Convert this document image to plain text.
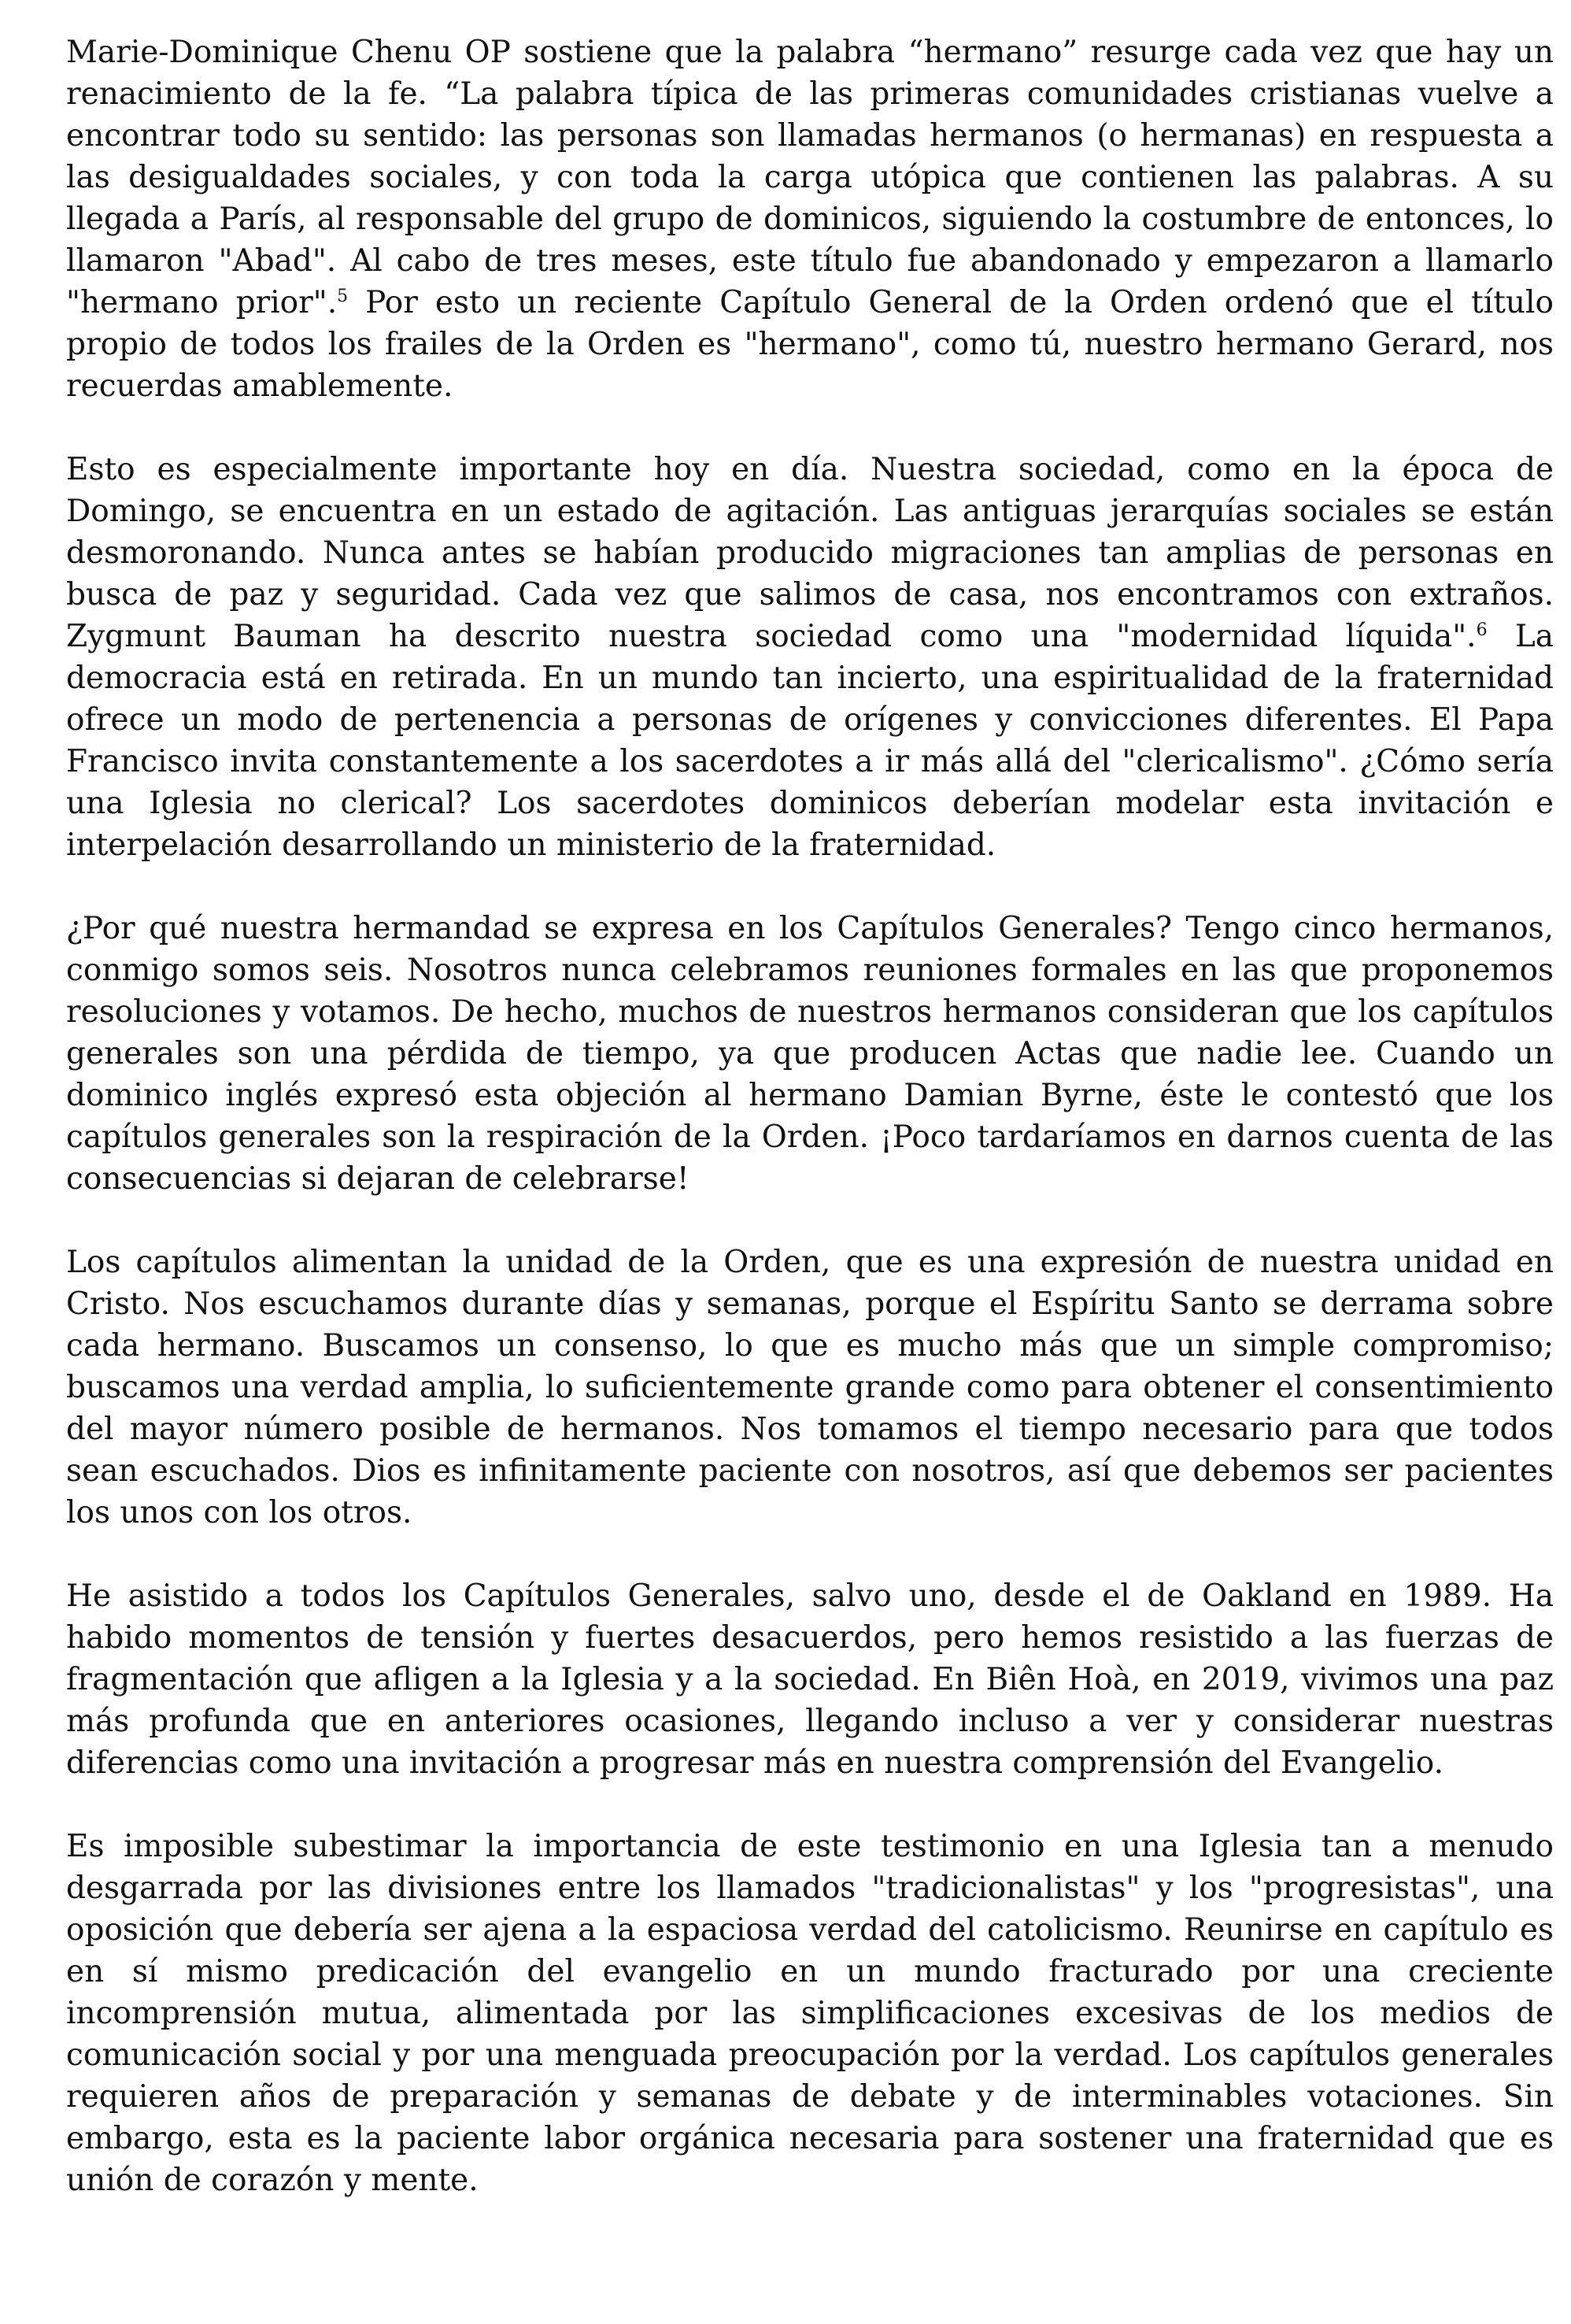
Marie-Dominique Chenu OP sostiene que la palabra “hermano” resurge cada vez que hay un renacimiento de la fe. “La palabra típica de las primeras comunidades cristianas vuelve a encontrar todo su sentido: las personas son llamadas hermanos (o hermanas) en respuesta a las desigualdades sociales, y con toda la carga utópica que contienen las palabras. A su llegada a París, al responsable del grupo de dominicos, siguiendo la costumbre de entonces, lo llamaron "Abad". Al cabo de tres meses, este título fue abandonado y empezaron a llamarlo "hermano prior".$^5$ Por esto un reciente Capítulo General de la Orden ordenó que el título propio de todos los frailes de la Orden es "hermano", como tú, nuestro hermano Gerard, nos recuerdas amablemente.

Esto es especialmente importante hoy en día. Nuestra sociedad, como en la época de Domingo, se encuentra en un estado de agitación. Las antiguas jerarquías sociales se están desmoronando. Nunca antes se habían producido migraciones tan amplias de personas en busca de paz y seguridad. Cada vez que salimos de casa, nos encontramos con extraños. Zygmunt Bauman ha descrito nuestra sociedad como una "modernidad líquida".$^6$ La democracia está en retirada. En un mundo tan incierto, una espiritualidad de la fraternidad ofrece un modo de pertenencia a personas de orígenes y convicciones diferentes. El Papa Francisco invita constantemente a los sacerdotes a ir más allá del "clericalismo". ¿Cómo sería una Iglesia no clerical? Los sacerdotes dominicos deberían modelar esta invitación e interpelación desarrollando un ministerio de la fraternidad.

¿Por qué nuestra hermandad se expresa en los Capítulos Generales? Tengo cinco hermanos, conmigo somos seis. Nosotros nunca celebramos reuniones formales en las que proponemos resoluciones y votamos. De hecho, muchos de nuestros hermanos consideran que los capítulos generales son una pérdida de tiempo, ya que producen Actas que nadie lee. Cuando un dominico inglés expresó esta objeción al hermano Damian Byrne, éste le contestó que los capítulos generales son la respiración de la Orden. ¡Poco tardaríamos en darnos cuenta de las consecuencias si dejaran de celebrarse!

Los capítulos alimentan la unidad de la Orden, que es una expresión de nuestra unidad en Cristo. Nos escuchamos durante días y semanas, porque el Espíritu Santo se derrama sobre cada hermano. Buscamos un consenso, lo que es mucho más que un simple compromiso; buscamos una verdad amplia, lo suficientemente grande como para obtener el consentimiento del mayor número posible de hermanos. Nos tomamos el tiempo necesario para que todos sean escuchados. Dios es infinitamente paciente con nosotros, así que debemos ser pacientes los unos con los otros.

He asistido a todos los Capítulos Generales, salvo uno, desde el de Oakland en 1989. Ha habido momentos de tensión y fuertes desacuerdos, pero hemos resistido a las fuerzas de fragmentación que afligen a la Iglesia y a la sociedad. En Biên Hoà, en 2019, vivimos una paz más profunda que en anteriores ocasiones, llegando incluso a ver y considerar nuestras diferencias como una invitación a progresar más en nuestra comprensión del Evangelio.

Es imposible subestimar la importancia de este testimonio en una Iglesia tan a menudo desgarrada por las divisiones entre los llamados "tradicionalistas" y los "progresistas", una oposición que debería ser ajena a la espaciosa verdad del catolicismo. Reunirse en capítulo es en sí mismo predicación del evangelio en un mundo fracturado por una creciente incomprensión mutua, alimentada por las simplificaciones excesivas de los medios de comunicación social y por una menguada preocupación por la verdad. Los capítulos generales requieren años de preparación y semanas de debate y de interminables votaciones. Sin embargo, esta es la paciente labor orgánica necesaria para sostener una fraternidad que es unión de corazón y mente.
